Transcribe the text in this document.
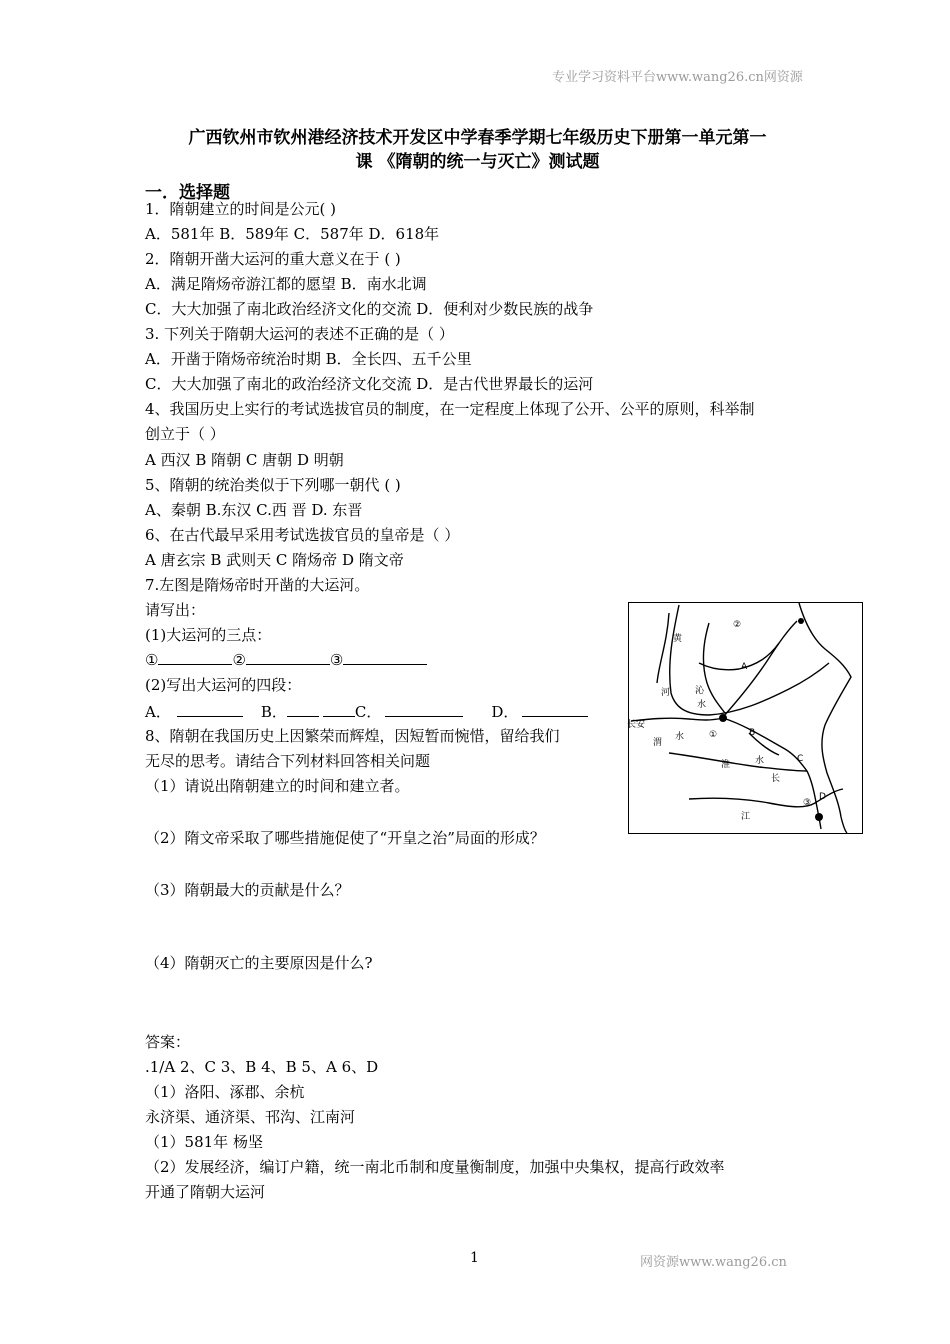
专业学习资料平台www.wang26.cn网资源
广西钦州市钦州港经济技术开发区中学春季学期七年级历史下册第一单元第一
课 《隋朝的统一与灭亡》测试题
一．选择题
1．隋朝建立的时间是公元( )
A．581年 B．589年 C．587年 D．618年
2．隋朝开凿大运河的重大意义在于 ( )
A．满足隋炀帝游江都的愿望 B．南水北调
C．大大加强了南北政治经济文化的交流 D．便利对少数民族的战争
3. 下列关于隋朝大运河的表述不正确的是（ ）
A．开凿于隋炀帝统治时期 B．全长四、五千公里
C．大大加强了南北的政治经济文化交流 D．是古代世界最长的运河
4、我国历史上实行的考试选拔官员的制度，在一定程度上体现了公开、公平的原则，科举制
创立于（ ）
A 西汉 B 隋朝 C 唐朝 D 明朝
5、隋朝的统治类似于下列哪一朝代 ( )
A、秦朝 B.东汉 C.西 晋 D. 东晋
6、在古代最早采用考试选拔官员的皇帝是（ ）
A 唐玄宗 B 武则天 C 隋炀帝 D 隋文帝
7.左图是隋炀帝时开凿的大运河。
请写出：
(1)大运河的三点：
①	②	③
(2)写出大运河的四段：
A．	B．	C．	D．
8、隋朝在我国历史上因繁荣而辉煌，因短暂而惋惜，留给我们
无尽的思考。请结合下列材料回答相关问题
（1）请说出隋朝建立的时间和建立者。
（2）隋文帝采取了哪些措施促使了“开皇之治”局面的形成？
（3）隋朝最大的贡献是什么？
（4）隋朝灭亡的主要原因是什么?
答案：
.1/A 2、C 3、B 4、B 5、A 6、D
（1）洛阳、涿郡、余杭
永济渠、通济渠、邗沟、江南河
（1）581年 杨坚
（2）发展经济，编订户籍，统一南北币制和度量衡制度，加强中央集权，提高行政效率
开通了隋朝大运河
1	网资源www.wang26.cn
黄
河	沁
水
长安
渭
水
淮	水
长
江
A
B
C
D
①
②
③
